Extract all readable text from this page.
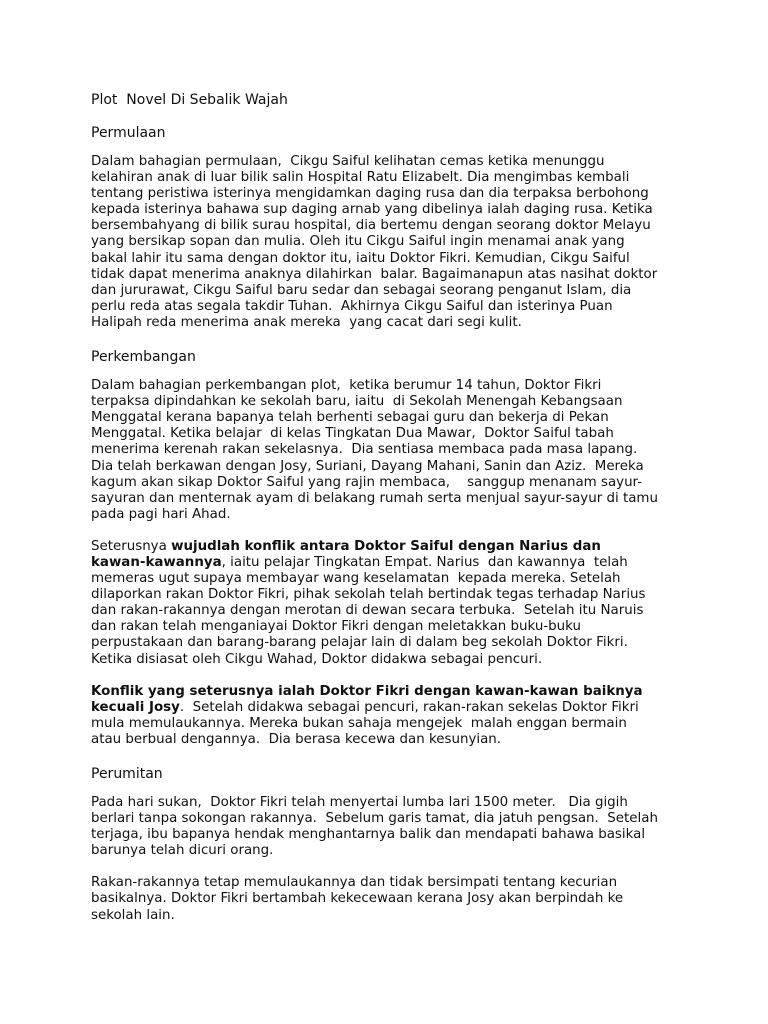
Plot  Novel Di Sebalik Wajah
Permulaan
Dalam bahagian permulaan,  Cikgu Saiful kelihatan cemas ketika menunggu
kelahiran anak di luar bilik salin Hospital Ratu Elizabelt. Dia mengimbas kembali
tentang peristiwa isterinya mengidamkan daging rusa dan dia terpaksa berbohong
kepada isterinya bahawa sup daging arnab yang dibelinya ialah daging rusa. Ketika
bersembahyang di bilik surau hospital, dia bertemu dengan seorang doktor Melayu
yang bersikap sopan dan mulia. Oleh itu Cikgu Saiful ingin menamai anak yang
bakal lahir itu sama dengan doktor itu, iaitu Doktor Fikri. Kemudian, Cikgu Saiful
tidak dapat menerima anaknya dilahirkan  balar. Bagaimanapun atas nasihat doktor
dan jururawat, Cikgu Saiful baru sedar dan sebagai seorang penganut Islam, dia
perlu reda atas segala takdir Tuhan.  Akhirnya Cikgu Saiful dan isterinya Puan
Halipah reda menerima anak mereka  yang cacat dari segi kulit.
Perkembangan
Dalam bahagian perkembangan plot,  ketika berumur 14 tahun, Doktor Fikri
terpaksa dipindahkan ke sekolah baru, iaitu  di Sekolah Menengah Kebangsaan
Menggatal kerana bapanya telah berhenti sebagai guru dan bekerja di Pekan
Menggatal. Ketika belajar  di kelas Tingkatan Dua Mawar,  Doktor Saiful tabah
menerima kerenah rakan sekelasnya.  Dia sentiasa membaca pada masa lapang.
Dia telah berkawan dengan Josy, Suriani, Dayang Mahani, Sanin dan Aziz.  Mereka
kagum akan sikap Doktor Saiful yang rajin membaca,    sanggup menanam sayur-
sayuran dan menternak ayam di belakang rumah serta menjual sayur-sayur di tamu
pada pagi hari Ahad.
Seterusnya wujudlah konflik antara Doktor Saiful dengan Narius dan
kawan-kawannya, iaitu pelajar Tingkatan Empat. Narius  dan kawannya  telah
memeras ugut supaya membayar wang keselamatan  kepada mereka. Setelah
dilaporkan rakan Doktor Fikri, pihak sekolah telah bertindak tegas terhadap Narius
dan rakan-rakannya dengan merotan di dewan secara terbuka.  Setelah itu Naruis
dan rakan telah menganiayai Doktor Fikri dengan meletakkan buku-buku
perpustakaan dan barang-barang pelajar lain di dalam beg sekolah Doktor Fikri.
Ketika disiasat oleh Cikgu Wahad, Doktor didakwa sebagai pencuri.
Konflik yang seterusnya ialah Doktor Fikri dengan kawan-kawan baiknya
kecuali Josy.  Setelah didakwa sebagai pencuri, rakan-rakan sekelas Doktor Fikri
mula memulaukannya. Mereka bukan sahaja mengejek  malah enggan bermain
atau berbual dengannya.  Dia berasa kecewa dan kesunyian.
Perumitan
Pada hari sukan,  Doktor Fikri telah menyertai lumba lari 1500 meter.   Dia gigih
berlari tanpa sokongan rakannya.  Sebelum garis tamat, dia jatuh pengsan.  Setelah
terjaga, ibu bapanya hendak menghantarnya balik dan mendapati bahawa basikal
barunya telah dicuri orang.
Rakan-rakannya tetap memulaukannya dan tidak bersimpati tentang kecurian
basikalnya. Doktor Fikri bertambah kekecewaan kerana Josy akan berpindah ke
sekolah lain.
